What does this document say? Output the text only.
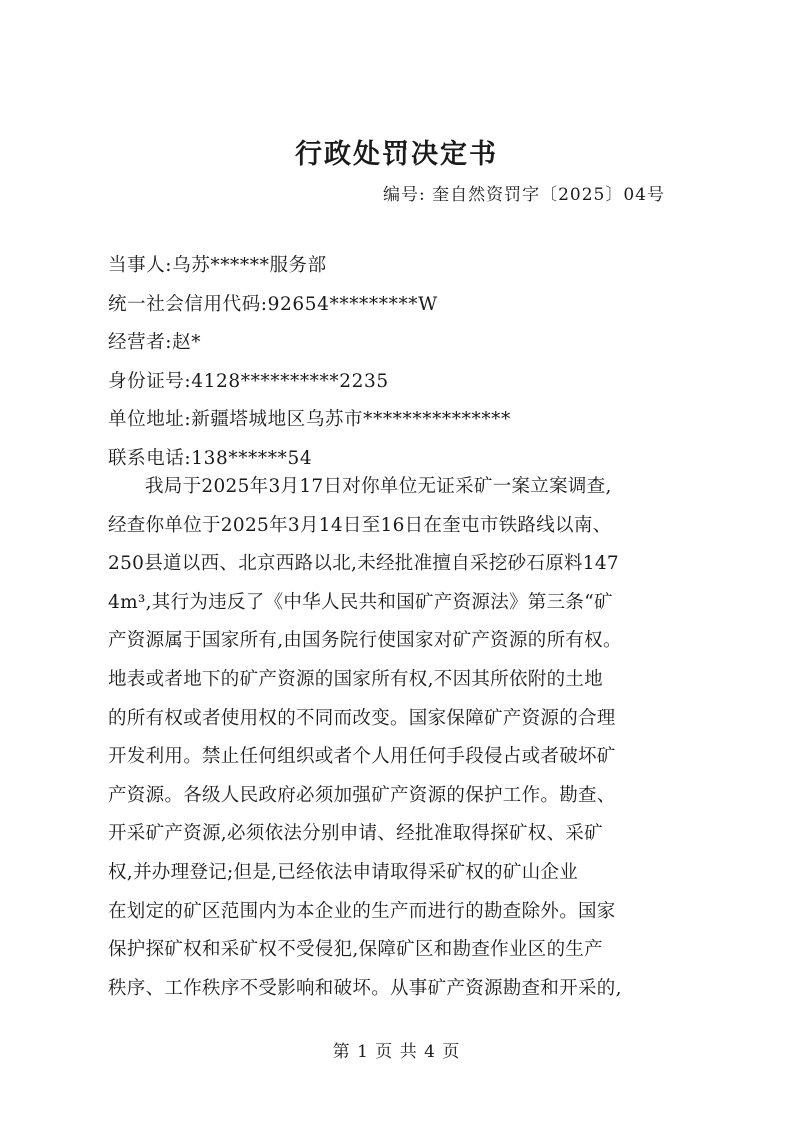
行政处罚决定书
编号: 奎自然资罚字〔2025〕04号
当事人:乌苏******服务部
统一社会信用代码:92654*********W
经营者:赵*
身份证号:4128**********2235
单位地址:新疆塔城地区乌苏市***************
联系电话:138******54
我局于2025年3月17日对你单位无证采矿一案立案调查,
经查你单位于2025年3月14日至16日在奎屯市铁路线以南、
250县道以西、北京西路以北,未经批准擅自采挖砂石原料147
4m³,其行为违反了《中华人民共和国矿产资源法》第三条“矿
产资源属于国家所有,由国务院行使国家对矿产资源的所有权。
地表或者地下的矿产资源的国家所有权,不因其所依附的土地
的所有权或者使用权的不同而改变。国家保障矿产资源的合理
开发利用。禁止任何组织或者个人用任何手段侵占或者破坏矿
产资源。各级人民政府必须加强矿产资源的保护工作。勘查、
开采矿产资源,必须依法分别申请、经批准取得探矿权、采矿
权,并办理登记;但是,已经依法申请取得采矿权的矿山企业
在划定的矿区范围内为本企业的生产而进行的勘查除外。国家
保护探矿权和采矿权不受侵犯,保障矿区和勘查作业区的生产
秩序、工作秩序不受影响和破坏。从事矿产资源勘查和开采的,
第 1 页 共 4 页
